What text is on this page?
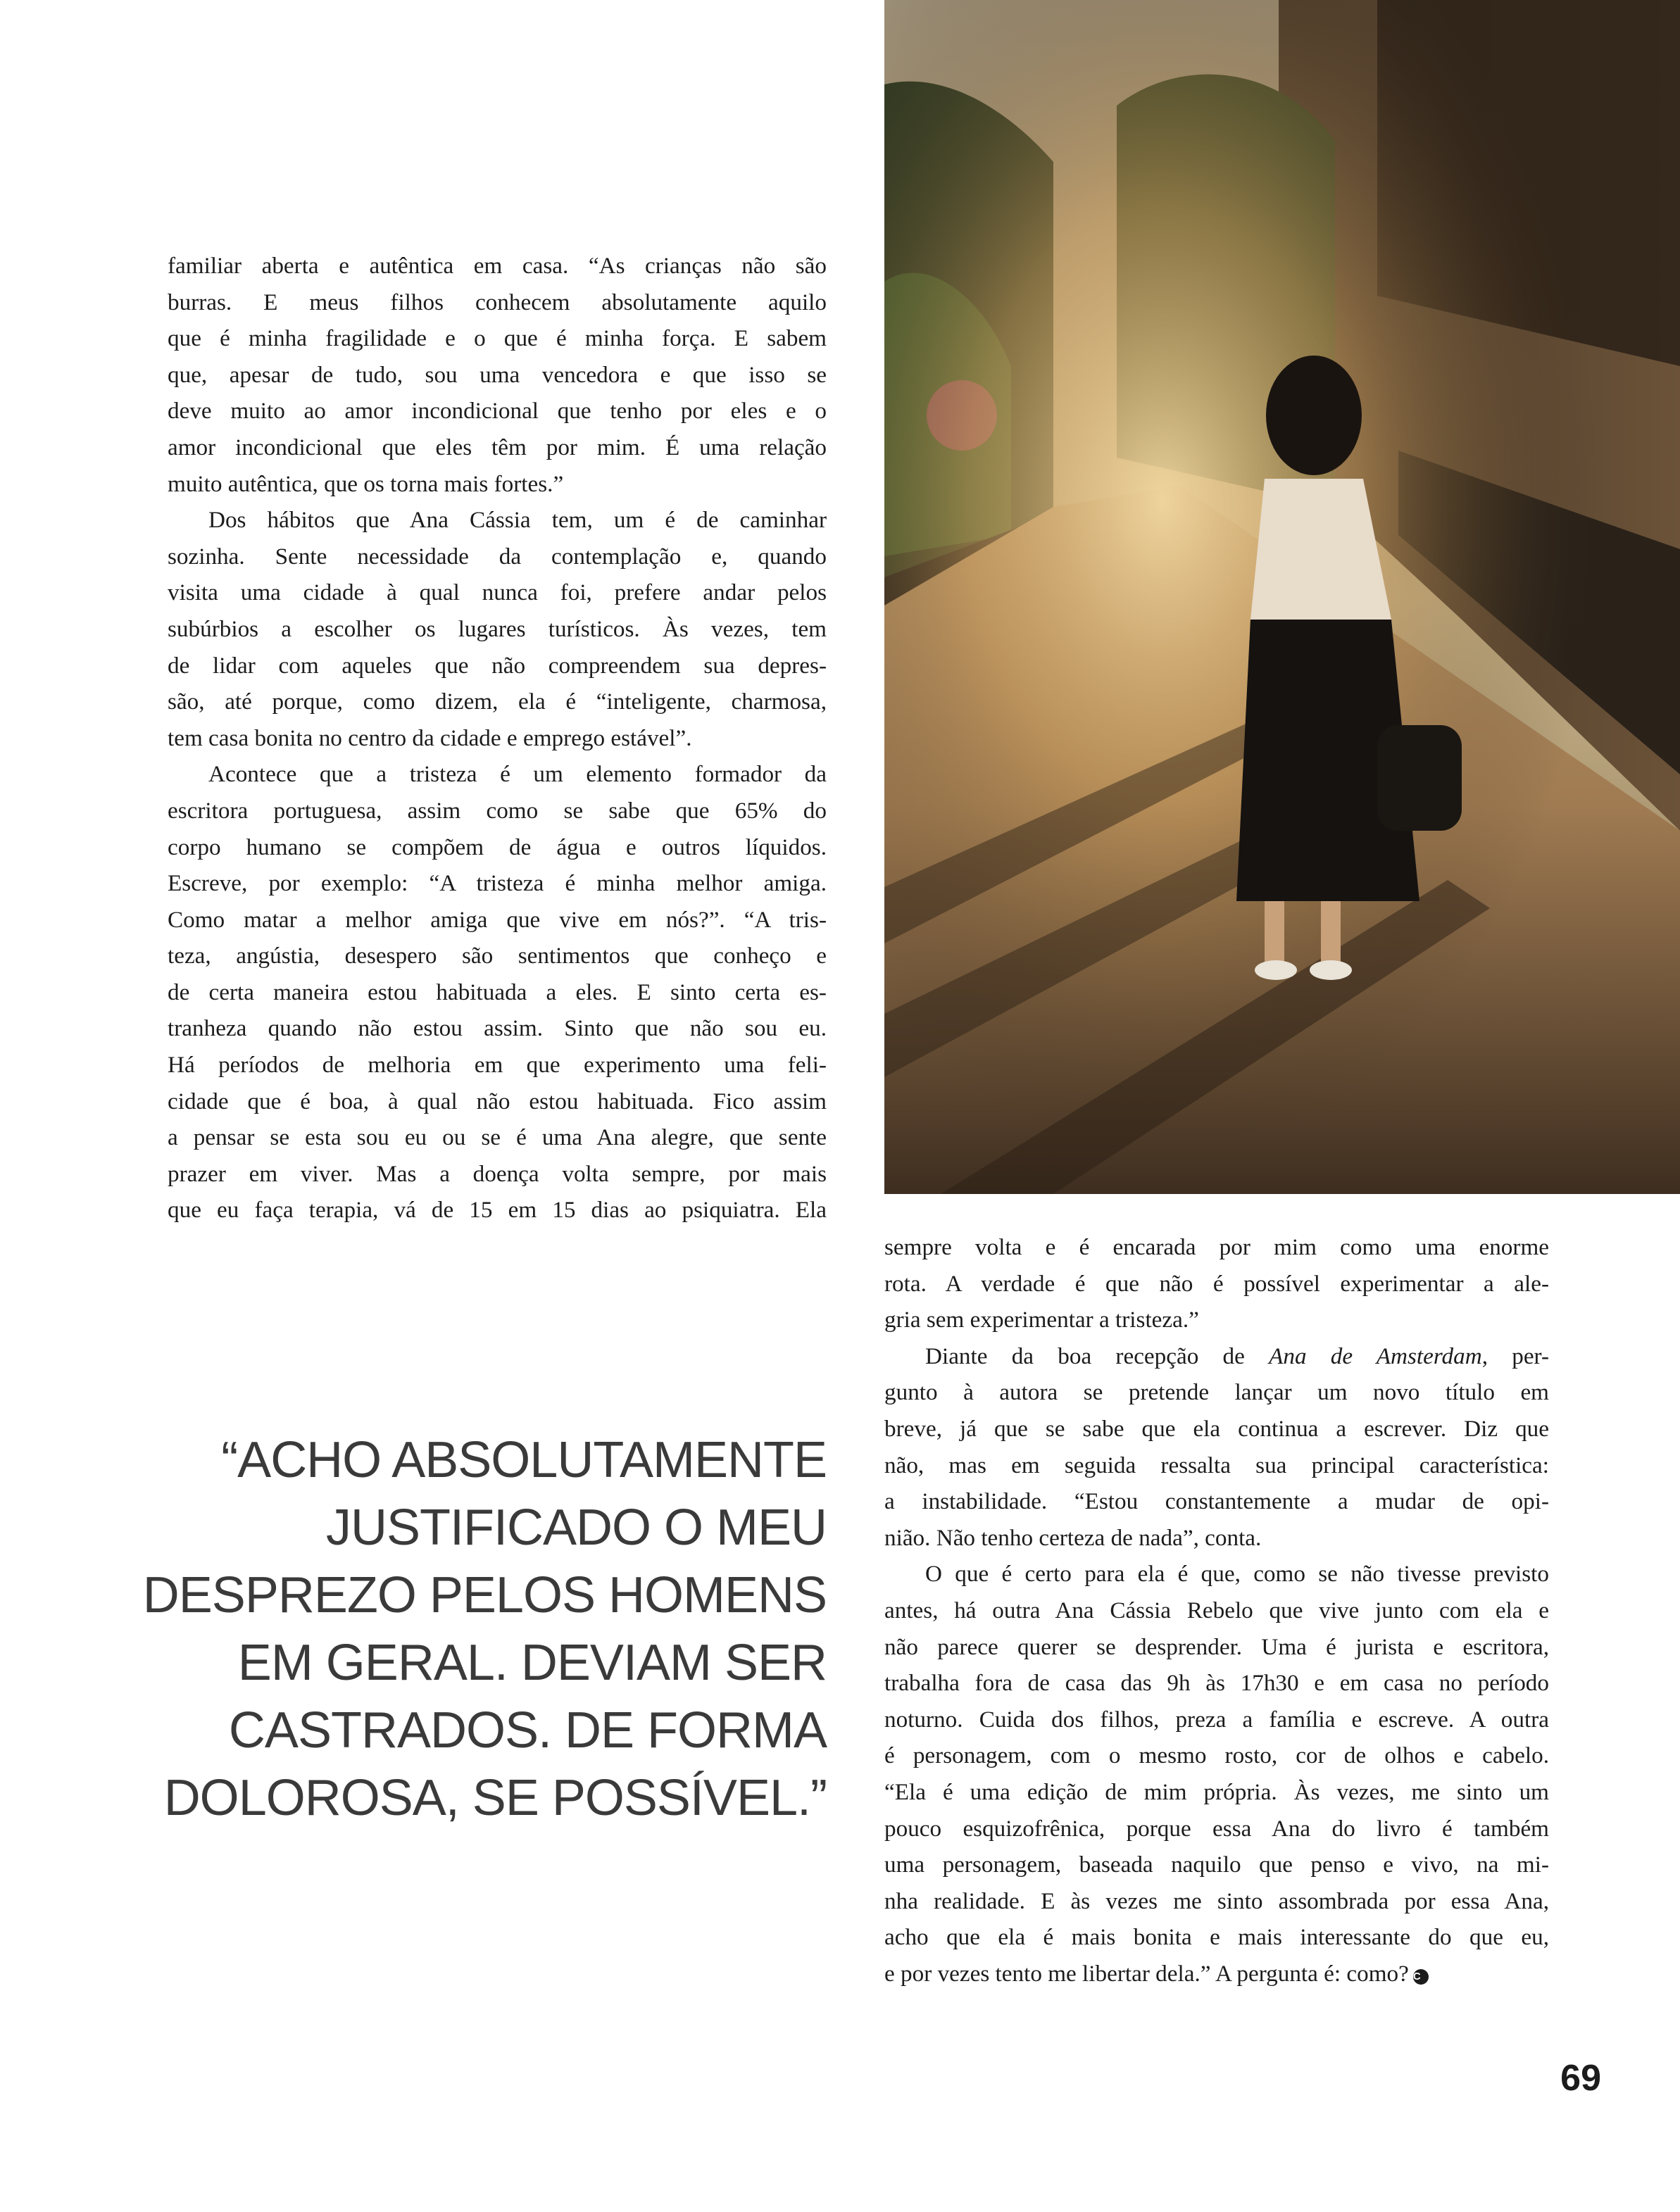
familiar aberta e autêntica em casa. “As crianças não são
burras. E meus filhos conhecem absolutamente aquilo
que é minha fragilidade e o que é minha força. E sabem
que, apesar de tudo, sou uma vencedora e que isso se
deve muito ao amor incondicional que tenho por eles e o
amor incondicional que eles têm por mim. É uma relação
muito autêntica, que os torna mais fortes.”

Dos hábitos que Ana Cássia tem, um é de caminhar
sozinha. Sente necessidade da contemplação e, quando
visita uma cidade à qual nunca foi, prefere andar pelos
subúrbios a escolher os lugares turísticos. Às vezes, tem
de lidar com aqueles que não compreendem sua depres-
são, até porque, como dizem, ela é “inteligente, charmosa,
tem casa bonita no centro da cidade e emprego estável”.

Acontece que a tristeza é um elemento formador da
escritora portuguesa, assim como se sabe que 65% do
corpo humano se compõem de água e outros líquidos.
Escreve, por exemplo: “A tristeza é minha melhor amiga.
Como matar a melhor amiga que vive em nós?”. “A tris-
teza, angústia, desespero são sentimentos que conheço e
de certa maneira estou habituada a eles. E sinto certa es-
tranheza quando não estou assim. Sinto que não sou eu.
Há períodos de melhoria em que experimento uma feli-
cidade que é boa, à qual não estou habituada. Fico assim
a pensar se esta sou eu ou se é uma Ana alegre, que sente
prazer em viver. Mas a doença volta sempre, por mais
que eu faça terapia, vá de 15 em 15 dias ao psiquiatra. Ela

“ACHO ABSOLUTAMENTE
JUSTIFICADO O MEU
DESPREZO PELOS HOMENS
EM GERAL. DEVIAM SER
CASTRADOS. DE FORMA
DOLOROSA, SE POSSÍVEL.”

sempre volta e é encarada por mim como uma enorme
rota. A verdade é que não é possível experimentar a ale-
gria sem experimentar a tristeza.”

Diante da boa recepção de Ana de Amsterdam, per-
gunto à autora se pretende lançar um novo título em
breve, já que se sabe que ela continua a escrever. Diz que
não, mas em seguida ressalta sua principal característica:
a instabilidade. “Estou constantemente a mudar de opi-
nião. Não tenho certeza de nada”, conta.

O que é certo para ela é que, como se não tivesse previsto
antes, há outra Ana Cássia Rebelo que vive junto com ela e
não parece querer se desprender. Uma é jurista e escritora,
trabalha fora de casa das 9h às 17h30 e em casa no período
noturno. Cuida dos filhos, preza a família e escreve. A outra
é personagem, com o mesmo rosto, cor de olhos e cabelo.
“Ela é uma edição de mim própria. Às vezes, me sinto um
pouco esquizofrênica, porque essa Ana do livro é também
uma personagem, baseada naquilo que penso e vivo, na mi-
nha realidade. E às vezes me sinto assombrada por essa Ana,
acho que ela é mais bonita e mais interessante do que eu,
e por vezes tento me libertar dela.” A pergunta é: como? C

69
